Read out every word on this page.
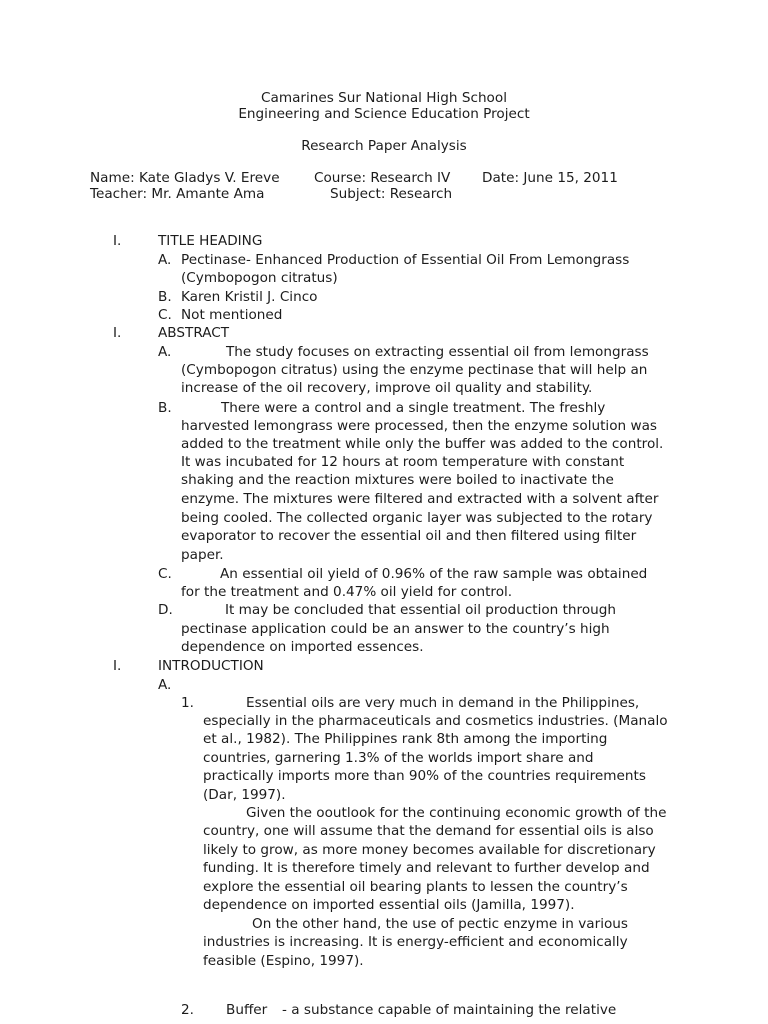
Camarines Sur National High School
Engineering and Science Education Project
Research Paper Analysis
Name: Kate Gladys V. Ereve	Course: Research IV Date: June 15, 2011
Teacher: Mr. Amante Ama	Subject: Research
I.	TITLE HEADING
A. Pectinase- Enhanced Production of Essential Oil From Lemongrass
(Cymbopogon citratus)
B. Karen Kristil J. Cinco
C. Not mentioned
I.	ABSTRACT
A.	The study focuses on extracting essential oil from lemongrass
(Cymbopogon citratus) using the enzyme pectinase that will help an
increase of the oil recovery, improve oil quality and stability.
B.	There were a control and a single treatment. The freshly
harvested lemongrass were processed, then the enzyme solution was
added to the treatment while only the buffer was added to the control.
It was incubated for 12 hours at room temperature with constant
shaking and the reaction mixtures were boiled to inactivate the
enzyme. The mixtures were filtered and extracted with a solvent after
being cooled. The collected organic layer was subjected to the rotary
evaporator to recover the essential oil and then filtered using filter
paper.
C.	An essential oil yield of 0.96% of the raw sample was obtained
for the treatment and 0.47% oil yield for control.
D.	It may be concluded that essential oil production through
pectinase application could be an answer to the country’s high
dependence on imported essences.
I.	INTRODUCTION
A.
1.	Essential oils are very much in demand in the Philippines,
especially in the pharmaceuticals and cosmetics industries. (Manalo
et al., 1982). The Philippines rank 8th among the importing
countries, garnering 1.3% of the worlds import share and
practically imports more than 90% of the countries requirements
(Dar, 1997).
Given the ooutlook for the continuing economic growth of the
country, one will assume that the demand for essential oils is also
likely to grow, as more money becomes available for discretionary
funding. It is therefore timely and relevant to further develop and
explore the essential oil bearing plants to lessen the country’s
dependence on imported essential oils (Jamilla, 1997).
On the other hand, the use of pectic enzyme in various
industries is increasing. It is energy-efficient and economically
feasible (Espino, 1997).
2. Buffer - a substance capable of maintaining the relative
